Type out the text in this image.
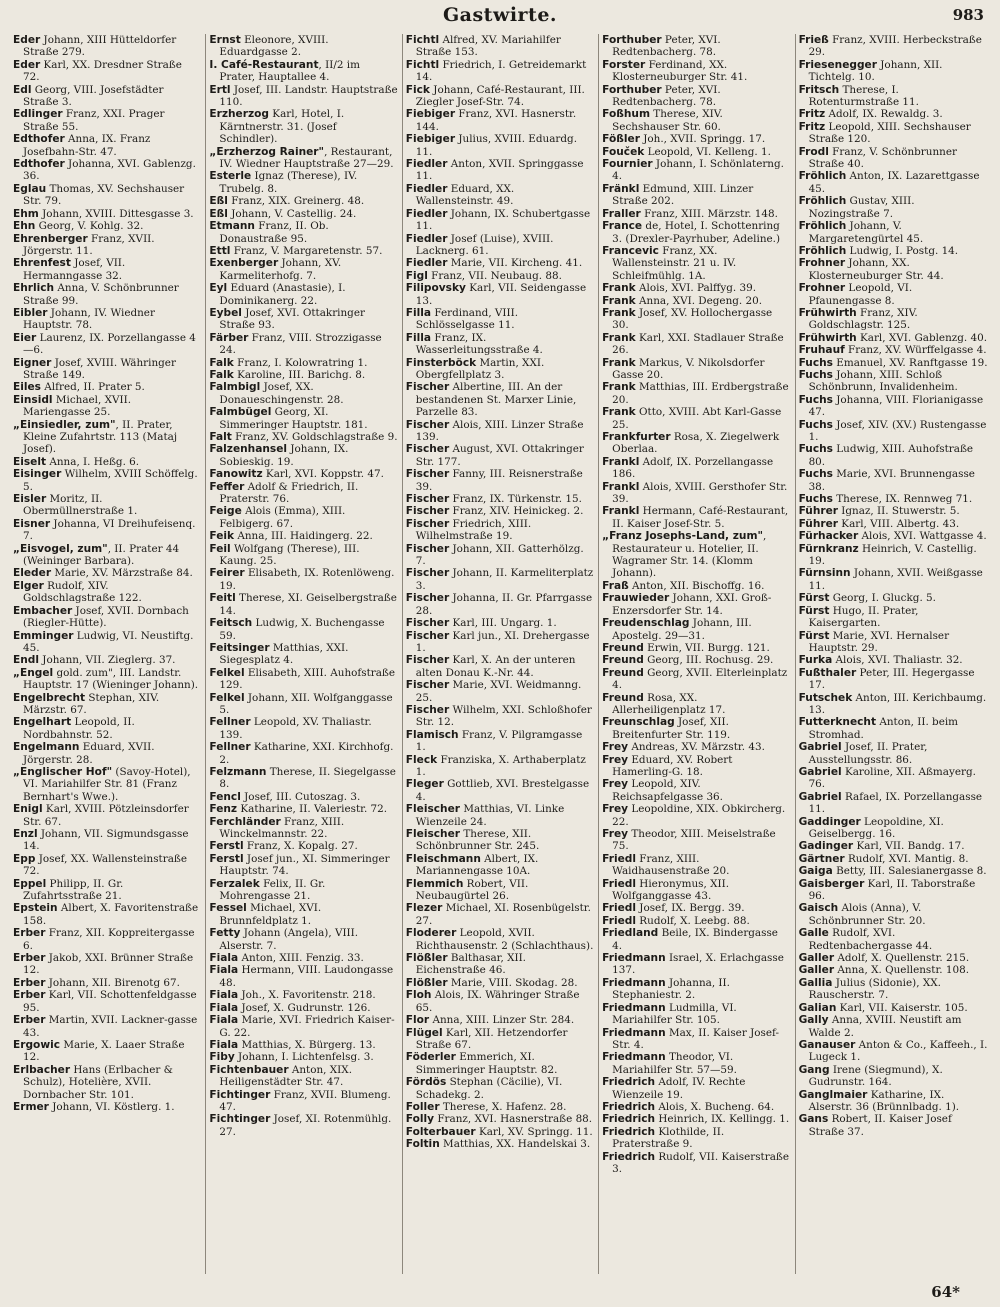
Gastwirte.	983
Eder Johann, XIII Hütteldorfer Straße 279.
Eder Karl, XX. Dresdner Straße 72.
Edl Georg, VIII. Josefstädter Straße 3.
Edlinger Franz, XXI. Prager Straße 55.
Edthofer Anna, IX. Franz Josefbahn-Str. 47.
Edthofer Johanna, XVI. Gablenzg. 36.
Eglau Thomas, XV. Sechshauser Str. 79.
Ehm Johann, XVIII. Dittesgasse 3.
Ehn Georg, V. Kohlg. 32.
Ehrenberger Franz, XVII. Jörgerstr. 11.
Ehrenfest Josef, VII. Hermanngasse 32.
Ehrlich Anna, V. Schönbrunner Straße 99.
Eibler Johann, IV. Wiedner Hauptstr. 78.
Eier Laurenz, IX. Porzellangasse 4—6.
Eigner Josef, XVIII. Währinger Straße 149.
Eiles Alfred, II. Prater 5.
Einsidl Michael, XVII. Mariengasse 25.
„Einsiedler, zum", II. Prater, Kleine Zufahrtstr. 113 (Mataj Josef).
Eiselt Anna, I. Heßg. 6.
Eisinger Wilhelm, XVIII Schöffelg. 5.
Eisler Moritz, II. Obermüllnerstraße 1.
Eisner Johanna, VI Dreihufeisenq. 7.
„Eisvogel, zum", II. Prater 44 (Weininger Barbara).
Eleder Marie, XV. Märzstraße 84.
Elger Rudolf, XIV. Goldschlagstraße 122.
Embacher Josef, XVII. Dornbach (Riegler-Hütte).
Emminger Ludwig, VI. Neustiftg. 45.
Endl Johann, VII. Zieglerg. 37.
„Engel gold. zum", III. Landstr. Hauptstr. 17 (Wieninger Johann).
Engelbrecht Stephan, XIV. Märzstr. 67.
Engelhart Leopold, II. Nordbahnstr. 52.
Engelmann Eduard, XVII. Jörgerstr. 28.
„Englischer Hof" (Savoy-Hotel), VI. Mariahilfer Str. 81 (Franz Bernhart's Wwe.).
Enigl Karl, XVIII. Pötzleinsdorfer Str. 67.
Enzl Johann, VII. Sigmundsgasse 14.
Epp Josef, XX. Wallensteinstraße 72.
Eppel Philipp, II. Gr. Zufahrtsstraße 21.
Epstein Albert, X. Favoritenstraße 158.
Erber Franz, XII. Koppreitergasse 6.
Erber Jakob, XXI. Brünner Straße 12.
Erber Johann, XII. Birenotg 67.
Erber Karl, VII. Schottenfeldgasse 95.
Erber Martin, XVII. Lackner-gasse 43.
Ergowic Marie, X. Laaer Straße 12.
Erlbacher Hans (Erlbacher & Schulz), Hotelière, XVII. Dornbacher Str. 101.
Ermer Johann, VI. Köstlerg. 1.
Ernst Eleonore, XVIII. Eduardgasse 2.
I. Café-Restaurant, II/2 im Prater, Hauptallee 4.
Ertl Josef, III. Landstr. Hauptstraße 110.
Erzherzog Karl, Hotel, I. Kärntnerstr. 31. (Josef Schindler).
„Erzherzog Rainer", Restaurant, IV. Wiedner Hauptstraße 27—29.
Esterle Ignaz (Therese), IV. Trubelg. 8.
Eßl Franz, XIX. Greinerg. 48.
Eßl Johann, V. Castellig. 24.
Etmann Franz, II. Ob. Donaustraße 95.
Ettl Franz, V. Margaretenstr. 57.
Exenberger Johann, XV. Karmeliterhofg. 7.
Eyl Eduard (Anastasie), I. Dominikanerg. 22.
Eybel Josef, XVI. Ottakringer Straße 93.
Färber Franz, VIII. Strozzigasse 24.
Falk Franz, I. Kolowratring 1.
Falk Karoline, III. Barichg. 8.
Falmbigl Josef, XX. Donaueschingenstr. 28.
Falmbügel Georg, XI. Simmeringer Hauptstr. 181.
Falt Franz, XV. Goldschlagstraße 9.
Falzenhansel Johann, IX. Sobieskig. 19.
Fanowitz Karl, XVI. Koppstr. 47.
Feffer Adolf & Friedrich, II. Praterstr. 76.
Feige Alois (Emma), XIII. Felbigerg. 67.
Feik Anna, III. Haidingerg. 22.
Feil Wolfgang (Therese), III. Kaung. 25.
Feirer Elisabeth, IX. Rotenlöweng. 19.
Feitl Therese, XI. Geiselbergstraße 14.
Feitsch Ludwig, X. Buchengasse 59.
Feitsinger Matthias, XXI. Siegesplatz 4.
Felkel Elisabeth, XIII. Auhofstraße 129.
Felkel Johann, XII. Wolfganggasse 5.
Fellner Leopold, XV. Thaliastr. 139.
Fellner Katharine, XXI. Kirchhofg. 2.
Felzmann Therese, II. Siegelgasse 8.
Fencl Josef, III. Cutoszag. 3.
Fenz Katharine, II. Valeriestr. 72.
Ferchländer Franz, XIII. Winckelmannstr. 22.
Ferstl Franz, X. Kopalg. 27.
Ferstl Josef jun., XI. Simmeringer Hauptstr. 74.
Ferzalek Felix, II. Gr. Mohrengasse 21.
Fessel Michael, XVI. Brunnfeldplatz 1.
Fetty Johann (Angela), VIII. Alserstr. 7.
Fiala Anton, XIII. Fenzig. 33.
Fiala Hermann, VIII. Laudongasse 48.
Fiala Joh., X. Favoritenstr. 218.
Fiala Josef, X. Gudrunstr. 126.
Fiala Marie, XVI. Friedrich Kaiser-G. 22.
Fiala Matthias, X. Bürgerg. 13.
Fiby Johann, I. Lichtenfelsg. 3.
Fichtenbauer Anton, XIX. Heiligenstädter Str. 47.
Fichtinger Franz, XVII. Blumeng. 47.
Fichtinger Josef, XI. Rotenmühlg. 27.
Fichtl Alfred, XV. Mariahilfer Straße 153.
Fichtl Friedrich, I. Getreidemarkt 14.
Fick Johann, Café-Restaurant, III. Ziegler Josef-Str. 74.
Fiebiger Franz, XVI. Hasnerstr. 144.
Fiebiger Julius, XVIII. Eduardg. 11.
Fiedler Anton, XVII. Springgasse 11.
Fiedler Eduard, XX. Wallensteinstr. 49.
Fiedler Johann, IX. Schubertgasse 11.
Fiedler Josef (Luise), XVIII. Lacknerg. 61.
Fiedler Marie, VII. Kircheng. 41.
Figl Franz, VII. Neubaug. 88.
Filipovsky Karl, VII. Seidengasse 13.
Filla Ferdinand, VIII. Schlösselgasse 11.
Filla Franz, IX. Wasserleitungsstraße 4.
Finsterböck Martin, XXI. Obergfellplatz 3.
Fischer Albertine, III. An der bestandenen St. Marxer Linie, Parzelle 83.
Fischer Alois, XIII. Linzer Straße 139.
Fischer August, XVI. Ottakringer Str. 177.
Fischer Fanny, III. Reisnerstraße 39.
Fischer Franz, IX. Türkenstr. 15.
Fischer Franz, XIV. Heinickeg. 2.
Fischer Friedrich, XIII. Wilhelmstraße 19.
Fischer Johann, XII. Gatterhölzg. 7.
Fischer Johann, II. Karmeliterplatz 3.
Fischer Johanna, II. Gr. Pfarrgasse 28.
Fischer Karl, III. Ungarg. 1.
Fischer Karl jun., XI. Drehergasse 1.
Fischer Karl, X. An der unteren alten Donau K.-Nr. 44.
Fischer Marie, XVI. Weidmanng. 25.
Fischer Wilhelm, XXI. Schloßhofer Str. 12.
Flamisch Franz, V. Pilgramgasse 1.
Fleck Franziska, X. Arthaberplatz 1.
Fleger Gottlieb, XVI. Brestelgasse 4.
Fleischer Matthias, VI. Linke Wienzeile 24.
Fleischer Therese, XII. Schönbrunner Str. 245.
Fleischmann Albert, IX. Mariannengasse 10A.
Flemmich Robert, VII. Neubaugürtel 26.
Flezer Michael, XI. Rosenbügelstr. 27.
Floderer Leopold, XVII. Richthausenstr. 2 (Schlachthaus).
Flößler Balthasar, XII. Eichenstraße 46.
Flößler Marie, VIII. Skodag. 28.
Floh Alois, IX. Währinger Straße 65.
Flor Anna, XIII. Linzer Str. 284.
Flügel Karl, XII. Hetzendorfer Straße 67.
Föderler Emmerich, XI. Simmeringer Hauptstr. 82.
Fördös Stephan (Cäcilie), VI. Schadekg. 2.
Foller Therese, X. Hafenz. 28.
Folly Franz, XVI. Hasnerstraße 88.
Folterbauer Karl, XV. Springg. 11.
Foltin Matthias, XX. Handelskai 3.
Forthuber Peter, XVI. Redtenbacherg. 78.
Forster Ferdinand, XX. Klosterneuburger Str. 41.
Forthuber Peter, XVI. Redtenbacherg. 78.
Foßhum Therese, XIV. Sechshauser Str. 60.
Fößler Joh., XVII. Springg. 17.
Fouček Leopold, VI. Kelleng. 1.
Fournier Johann, I. Schönlaterng. 4.
Fränkl Edmund, XIII. Linzer Straße 202.
Fraller Franz, XIII. Märzstr. 148.
France de, Hotel, I. Schottenring 3. (Drexler-Payrhuber, Adeline.)
Francevic Franz, XX. Wallensteinstr. 21 u. IV. Schleifmühlg. 1A.
Frank Alois, XVI. Palffyg. 39.
Frank Anna, XVI. Degeng. 20.
Frank Josef, XV. Hollochergasse 30.
Frank Karl, XXI. Stadlauer Straße 26.
Frank Markus, V. Nikolsdorfer Gasse 20.
Frank Matthias, III. Erdbergstraße 20.
Frank Otto, XVIII. Abt Karl-Gasse 25.
Frankfurter Rosa, X. Ziegelwerk Oberlaa.
Frankl Adolf, IX. Porzellangasse 186.
Frankl Alois, XVIII. Gersthofer Str. 39.
Frankl Hermann, Café-Restaurant, II. Kaiser Josef-Str. 5.
„Franz Josephs-Land, zum", Restaurateur u. Hotelier, II. Wagramer Str. 14. (Klomm Johann).
Fraß Anton, XII. Bischoffg. 16.
Frauwieder Johann, XXI. Groß-Enzersdorfer Str. 14.
Freudenschlag Johann, III. Apostelg. 29—31.
Freund Erwin, VII. Burgg. 121.
Freund Georg, III. Rochusg. 29.
Freund Georg, XVII. Elterleinplatz 4.
Freund Rosa, XX. Allerheiligenplatz 17.
Freunschlag Josef, XII. Breitenfurter Str. 119.
Frey Andreas, XV. Märzstr. 43.
Frey Eduard, XV. Robert Hamerling-G. 18.
Frey Leopold, XIV. Reichsapfelgasse 36.
Frey Leopoldine, XIX. Obkircherg. 22.
Frey Theodor, XIII. Meiselstraße 75.
Friedl Franz, XIII. Waidhausenstraße 20.
Friedl Hieronymus, XII. Wolfganggasse 43.
Friedl Josef, IX. Bergg. 39.
Friedl Rudolf, X. Leebg. 88.
Friedland Beile, IX. Bindergasse 4.
Friedmann Israel, X. Erlachgasse 137.
Friedmann Johanna, II. Stephaniestr. 2.
Friedmann Ludmilla, VI. Mariahilfer Str. 105.
Friedmann Max, II. Kaiser Josef-Str. 4.
Friedmann Theodor, VI. Mariahilfer Str. 57—59.
Friedrich Adolf, IV. Rechte Wienzeile 19.
Friedrich Alois, X. Bucheng. 64.
Friedrich Heinrich, IX. Kellingg. 1.
Friedrich Klothilde, II. Praterstraße 9.
Friedrich Rudolf, VII. Kaiserstraße 3.
Frieß Franz, XVIII. Herbeckstraße 29.
Friesenegger Johann, XII. Tichtelg. 10.
Fritsch Therese, I. Rotenturmstraße 11.
Fritz Adolf, IX. Rewaldg. 3.
Fritz Leopold, XIII. Sechshauser Straße 120.
Frodl Franz, V. Schönbrunner Straße 40.
Fröhlich Anton, IX. Lazarettgasse 45.
Fröhlich Gustav, XIII. Nozingstraße 7.
Fröhlich Johann, V. Margaretengürtel 45.
Fröhlich Ludwig, I. Postg. 14.
Frohner Johann, XX. Klosterneuburger Str. 44.
Frohner Leopold, VI. Pfaunengasse 8.
Frühwirth Franz, XIV. Goldschlagstr. 125.
Frühwirth Karl, XVI. Gablenzg. 40.
Fruhauf Franz, XV. Würffelgasse 4.
Fuchs Emanuel, XV. Ranftgasse 19.
Fuchs Johann, XIII. Schloß Schönbrunn, Invalidenheim.
Fuchs Johanna, VIII. Florianigasse 47.
Fuchs Josef, XIV. (XV.) Rustengasse 1.
Fuchs Ludwig, XIII. Auhofstraße 80.
Fuchs Marie, XVI. Brunnengasse 38.
Fuchs Therese, IX. Rennweg 71.
Führer Ignaz, II. Stuwerstr. 5.
Führer Karl, VIII. Albertg. 43.
Fürhacker Alois, XVI. Wattgasse 4.
Fürnkranz Heinrich, V. Castellig. 19.
Fürnsinn Johann, XVII. Weißgasse 11.
Fürst Georg, I. Gluckg. 5.
Fürst Hugo, II. Prater, Kaisergarten.
Fürst Marie, XVI. Hernalser Hauptstr. 29.
Furka Alois, XVI. Thaliastr. 32.
Fußthaler Peter, III. Hegergasse 17.
Futschek Anton, III. Kerichbaumg. 13.
Futterknecht Anton, II. beim Stromhad.
Gabriel Josef, II. Prater, Ausstellungsstr. 86.
Gabriel Karoline, XII. Aßmayerg. 76.
Gabriel Rafael, IX. Porzellangasse 11.
Gaddinger Leopoldine, XI. Geiselbergg. 16.
Gadinger Karl, VII. Bandg. 17.
Gärtner Rudolf, XVI. Mantig. 8.
Gaiga Betty, III. Salesianergasse 8.
Gaisberger Karl, II. Taborstraße 96.
Gaisch Alois (Anna), V. Schönbrunner Str. 20.
Galle Rudolf, XVI. Redtenbachergasse 44.
Galler Adolf, X. Quellenstr. 215.
Galler Anna, X. Quellenstr. 108.
Gallia Julius (Sidonie), XX. Rauscherstr. 7.
Galian Karl, VII. Kaiserstr. 105.
Gally Anna, XVIII. Neustift am Walde 2.
Ganauser Anton & Co., Kaffeeh., I. Lugeck 1.
Gang Irene (Siegmund), X. Gudrunstr. 164.
Ganglmaier Katharine, IX. Alserstr. 36 (Brünnlbadg. 1).
Gans Robert, II. Kaiser Josef Straße 37.
64*
